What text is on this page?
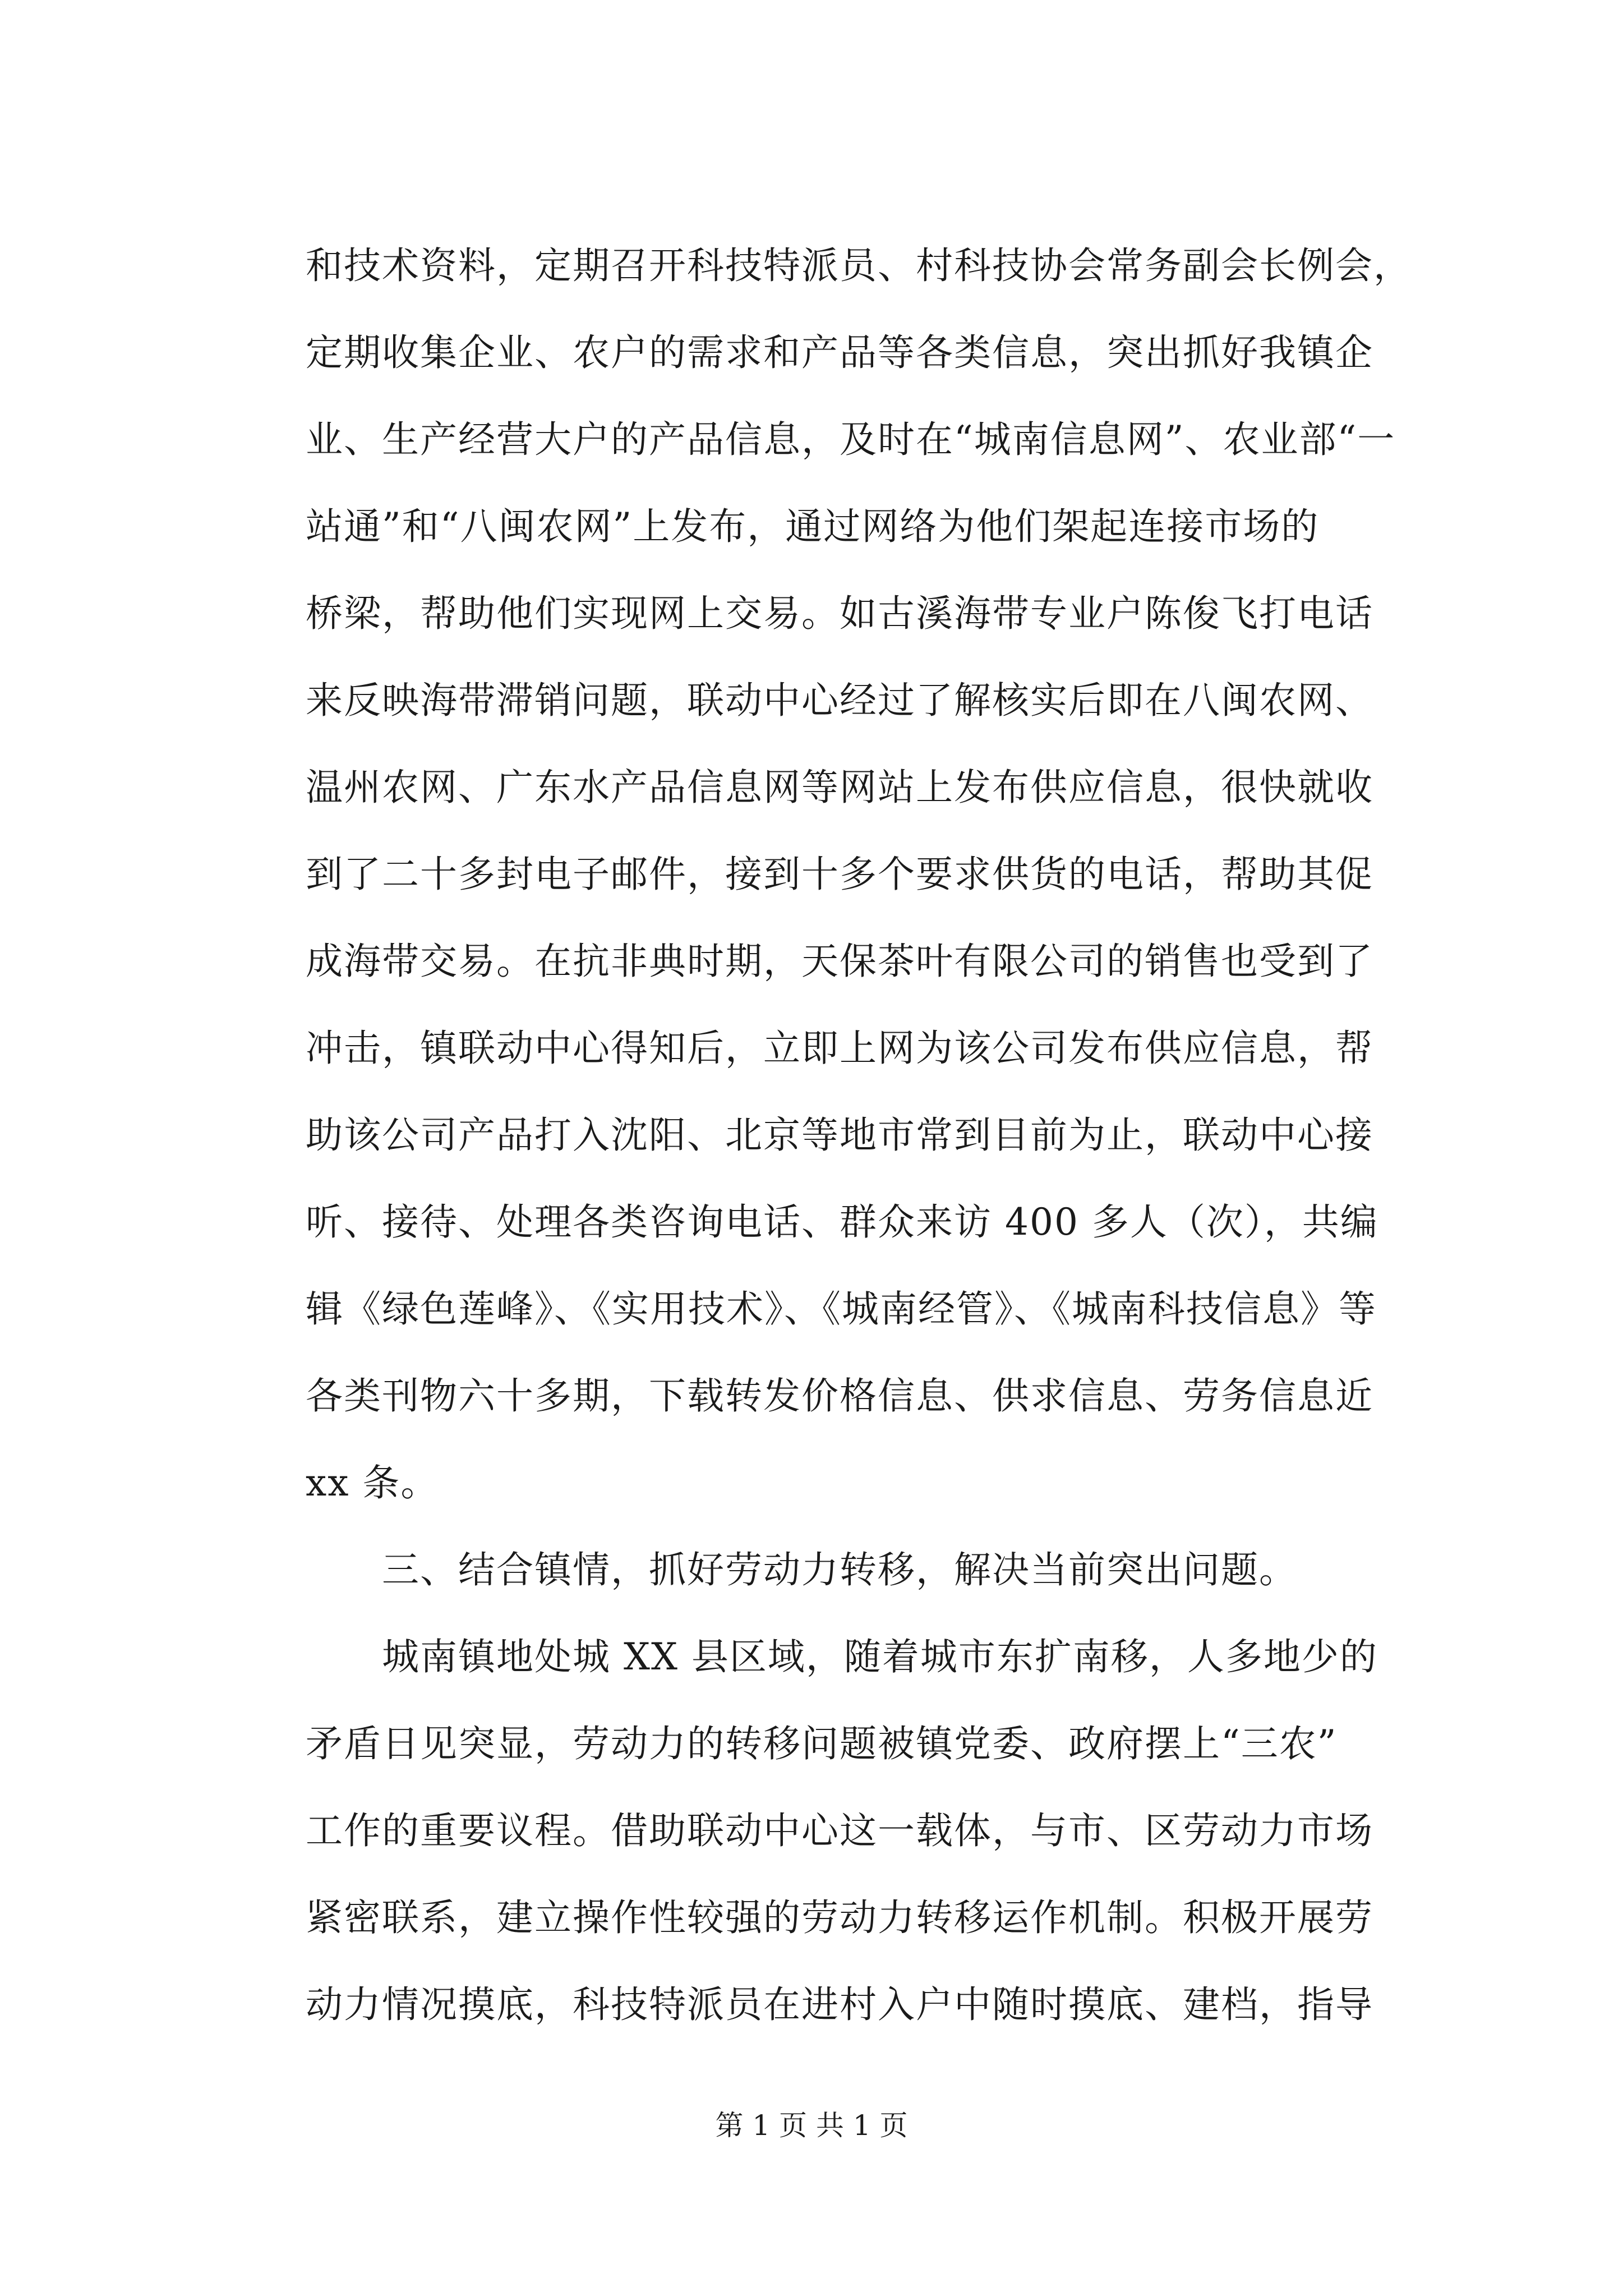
和技术资料，定期召开科技特派员、村科技协会常务副会长例会，
定期收集企业、农户的需求和产品等各类信息，突出抓好我镇企
业、生产经营大户的产品信息，及时在“城南信息网”、农业部“一
站通”和“八闽农网”上发布，通过网络为他们架起连接市场的
桥梁，帮助他们实现网上交易。如古溪海带专业户陈俊飞打电话
来反映海带滞销问题，联动中心经过了解核实后即在八闽农网、
温州农网、广东水产品信息网等网站上发布供应信息，很快就收
到了二十多封电子邮件，接到十多个要求供货的电话，帮助其促
成海带交易。在抗非典时期，天保茶叶有限公司的销售也受到了
冲击，镇联动中心得知后，立即上网为该公司发布供应信息，帮
助该公司产品打入沈阳、北京等地市常到目前为止，联动中心接
听、接待、处理各类咨询电话、群众来访 400 多人（次），共编
辑《绿色莲峰》、《实用技术》、《城南经管》、《城南科技信息》等
各类刊物六十多期，下载转发价格信息、供求信息、劳务信息近
xx 条。
　　三、结合镇情，抓好劳动力转移，解决当前突出问题。
　　城南镇地处城 XX 县区域，随着城市东扩南移，人多地少的
矛盾日见突显，劳动力的转移问题被镇党委、政府摆上“三农”
工作的重要议程。借助联动中心这一载体，与市、区劳动力市场
紧密联系，建立操作性较强的劳动力转移运作机制。积极开展劳
动力情况摸底，科技特派员在进村入户中随时摸底、建档，指导
第 1 页 共 1 页
